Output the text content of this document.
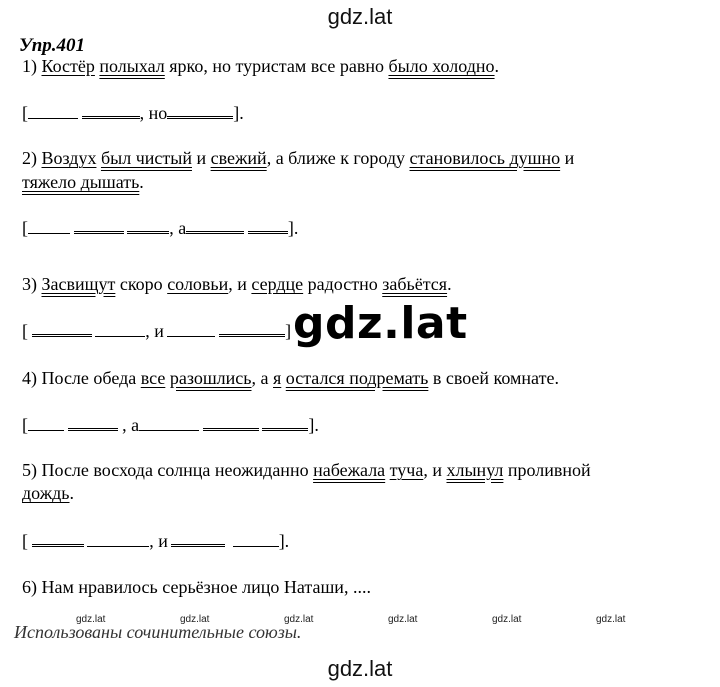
gdz.lat
Упр.401
1) Костёр полыхал ярко, но туристам все равно было холодно.
[ 	, но	].
2) Воздух был чистый и свежий, а ближе к городу становилось душно и
тяжело дышать.
[  	, а 	].
3) Засвищут скоро соловьи, и сердце радостно забьётся.
[  	, и  	]
4) После обеда все разошлись, а я остался подремать в своей комнате.
[ 	, а  	].
5) После восхода солнца неожиданно набежала туча, и хлынул проливной
дождь.
[  	, и   	].
6) Нам нравилось серьёзное лицо Наташи, ....
gdz.lat	gdz.lat	gdz.lat	gdz.lat	gdz.lat	gdz.lat
Использованы сочинительные союзы.
gdz.lat
gdz.lat
